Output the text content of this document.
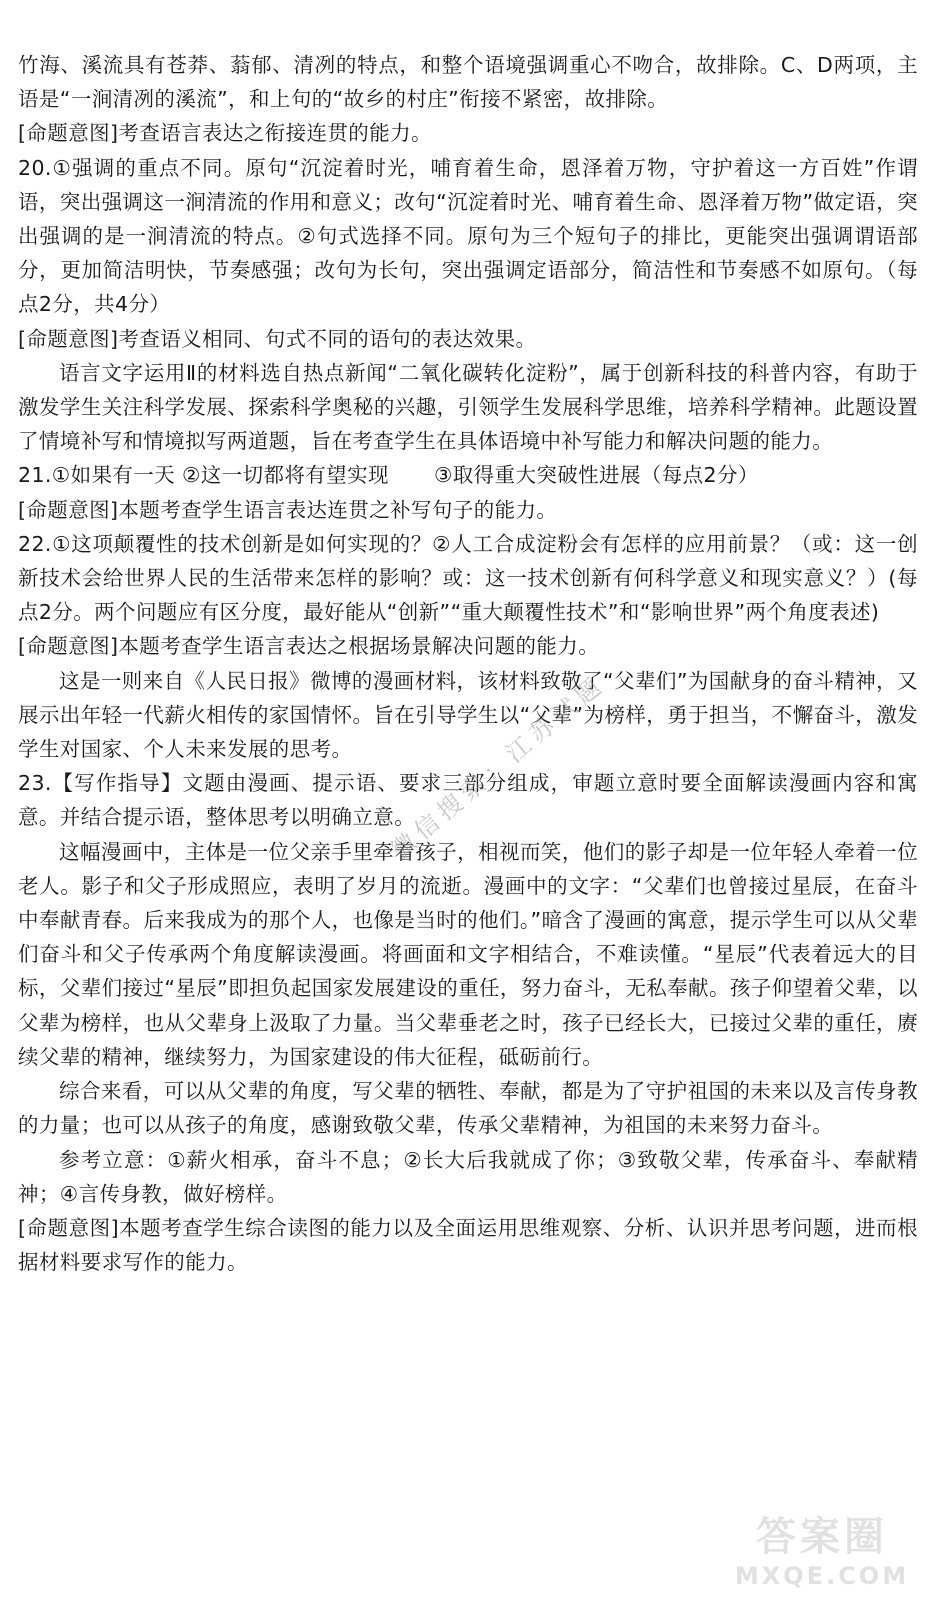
竹海、溪流具有苍莽、蓊郁、清冽的特点，和整个语境强调重心不吻合，故排除。C、D两项，主语是“一涧清冽的溪流”，和上句的“故乡的村庄”衔接不紧密，故排除。

[命题意图]考查语言表达之衔接连贯的能力。

20.①强调的重点不同。原句“沉淀着时光，哺育着生命，恩泽着万物，守护着这一方百姓”作谓语，突出强调这一涧清流的作用和意义；改句“沉淀着时光、哺育着生命、恩泽着万物”做定语，突出强调的是一涧清流的特点。②句式选择不同。原句为三个短句子的排比，更能突出强调谓语部分，更加简洁明快，节奏感强；改句为长句，突出强调定语部分，简洁性和节奏感不如原句。（每点2分，共4分）

[命题意图]考查语义相同、句式不同的语句的表达效果。

语言文字运用Ⅱ的材料选自热点新闻“二氧化碳转化淀粉”，属于创新科技的科普内容，有助于激发学生关注科学发展、探索科学奥秘的兴趣，引领学生发展科学思维，培养科学精神。此题设置了情境补写和情境拟写两道题，旨在考查学生在具体语境中补写能力和解决问题的能力。

21.①如果有一天 ②这一切都将有望实现 ③取得重大突破性进展（每点2分）

[命题意图]本题考查学生语言表达连贯之补写句子的能力。

22.①这项颠覆性的技术创新是如何实现的？②人工合成淀粉会有怎样的应用前景？（或：这一创新技术会给世界人民的生活带来怎样的影响？或：这一技术创新有何科学意义和现实意义？）(每点2分。两个问题应有区分度，最好能从“创新”“重大颠覆性技术”和“影响世界”两个角度表述)

[命题意图]本题考查学生语言表达之根据场景解决问题的能力。

这是一则来自《人民日报》微博的漫画材料，该材料致敬了“父辈们”为国献身的奋斗精神，又展示出年轻一代薪火相传的家国情怀。旨在引导学生以“父辈”为榜样，勇于担当，不懈奋斗，激发学生对国家、个人未来发展的思考。

23.【写作指导】文题由漫画、提示语、要求三部分组成，审题立意时要全面解读漫画内容和寓意。并结合提示语，整体思考以明确立意。

这幅漫画中，主体是一位父亲手里牵着孩子，相视而笑，他们的影子却是一位年轻人牵着一位老人。影子和父子形成照应，表明了岁月的流逝。漫画中的文字：“父辈们也曾接过星辰，在奋斗中奉献青春。后来我成为的那个人，也像是当时的他们。”暗含了漫画的寓意，提示学生可以从父辈们奋斗和父子传承两个角度解读漫画。将画面和文字相结合，不难读懂。“星辰”代表着远大的目标，父辈们接过“星辰”即担负起国家发展建设的重任，努力奋斗，无私奉献。孩子仰望着父辈，以父辈为榜样，也从父辈身上汲取了力量。当父辈垂老之时，孩子已经长大，已接过父辈的重任，赓续父辈的精神，继续努力，为国家建设的伟大征程，砥砺前行。

综合来看，可以从父辈的角度，写父辈的牺牲、奉献，都是为了守护祖国的未来以及言传身教的力量；也可以从孩子的角度，感谢致敬父辈，传承父辈精神，为祖国的未来努力奋斗。

参考立意：①薪火相承，奋斗不息；②长大后我就成了你；③致敬父辈，传承奋斗、奉献精神；④言传身教，做好榜样。

[命题意图]本题考查学生综合读图的能力以及全面运用思维观察、分析、认识并思考问题，进而根据材料要求写作的能力。

微信搜索：江苏试题
答案圈
MXQE.COM
